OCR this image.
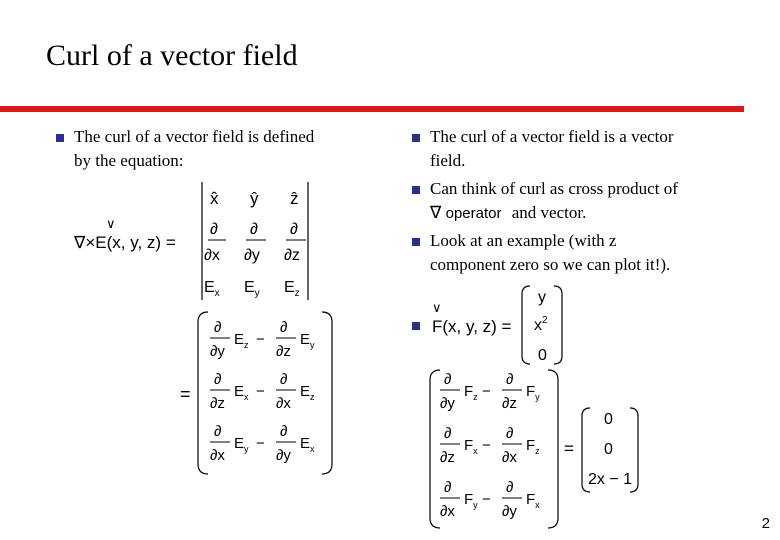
Curl of a vector field
The curl of a vector field is defined
by the equation:
∇×E(x, y, z) =
∨
x̂ ŷ ẑ
∂
∂x
∂
∂y
∂
∂z
$E_x$ $E_y$ $E_z$
=
∂
∂y
$E_z$ −
∂
∂z
$E_y$
∂
∂z
$E_x$ −
∂
∂x
$E_z$
∂
∂x
$E_y$ −
∂
∂y
$E_x$
The curl of a vector field is a vector
field.
Can think of curl as cross product of
∇ operator and vector.
Look at an example (with z
component zero so we can plot it!).
F(x, y, z) =
∨
y
$x^2$
0
∂
∂y
$F_z$ −
∂
∂z
$F_y$
∂
∂z
$F_x$ −
∂
∂x
$F_z$
∂
∂x
$F_y$ −
∂
∂y
$F_x$
=
0
0
2x − 1
2
